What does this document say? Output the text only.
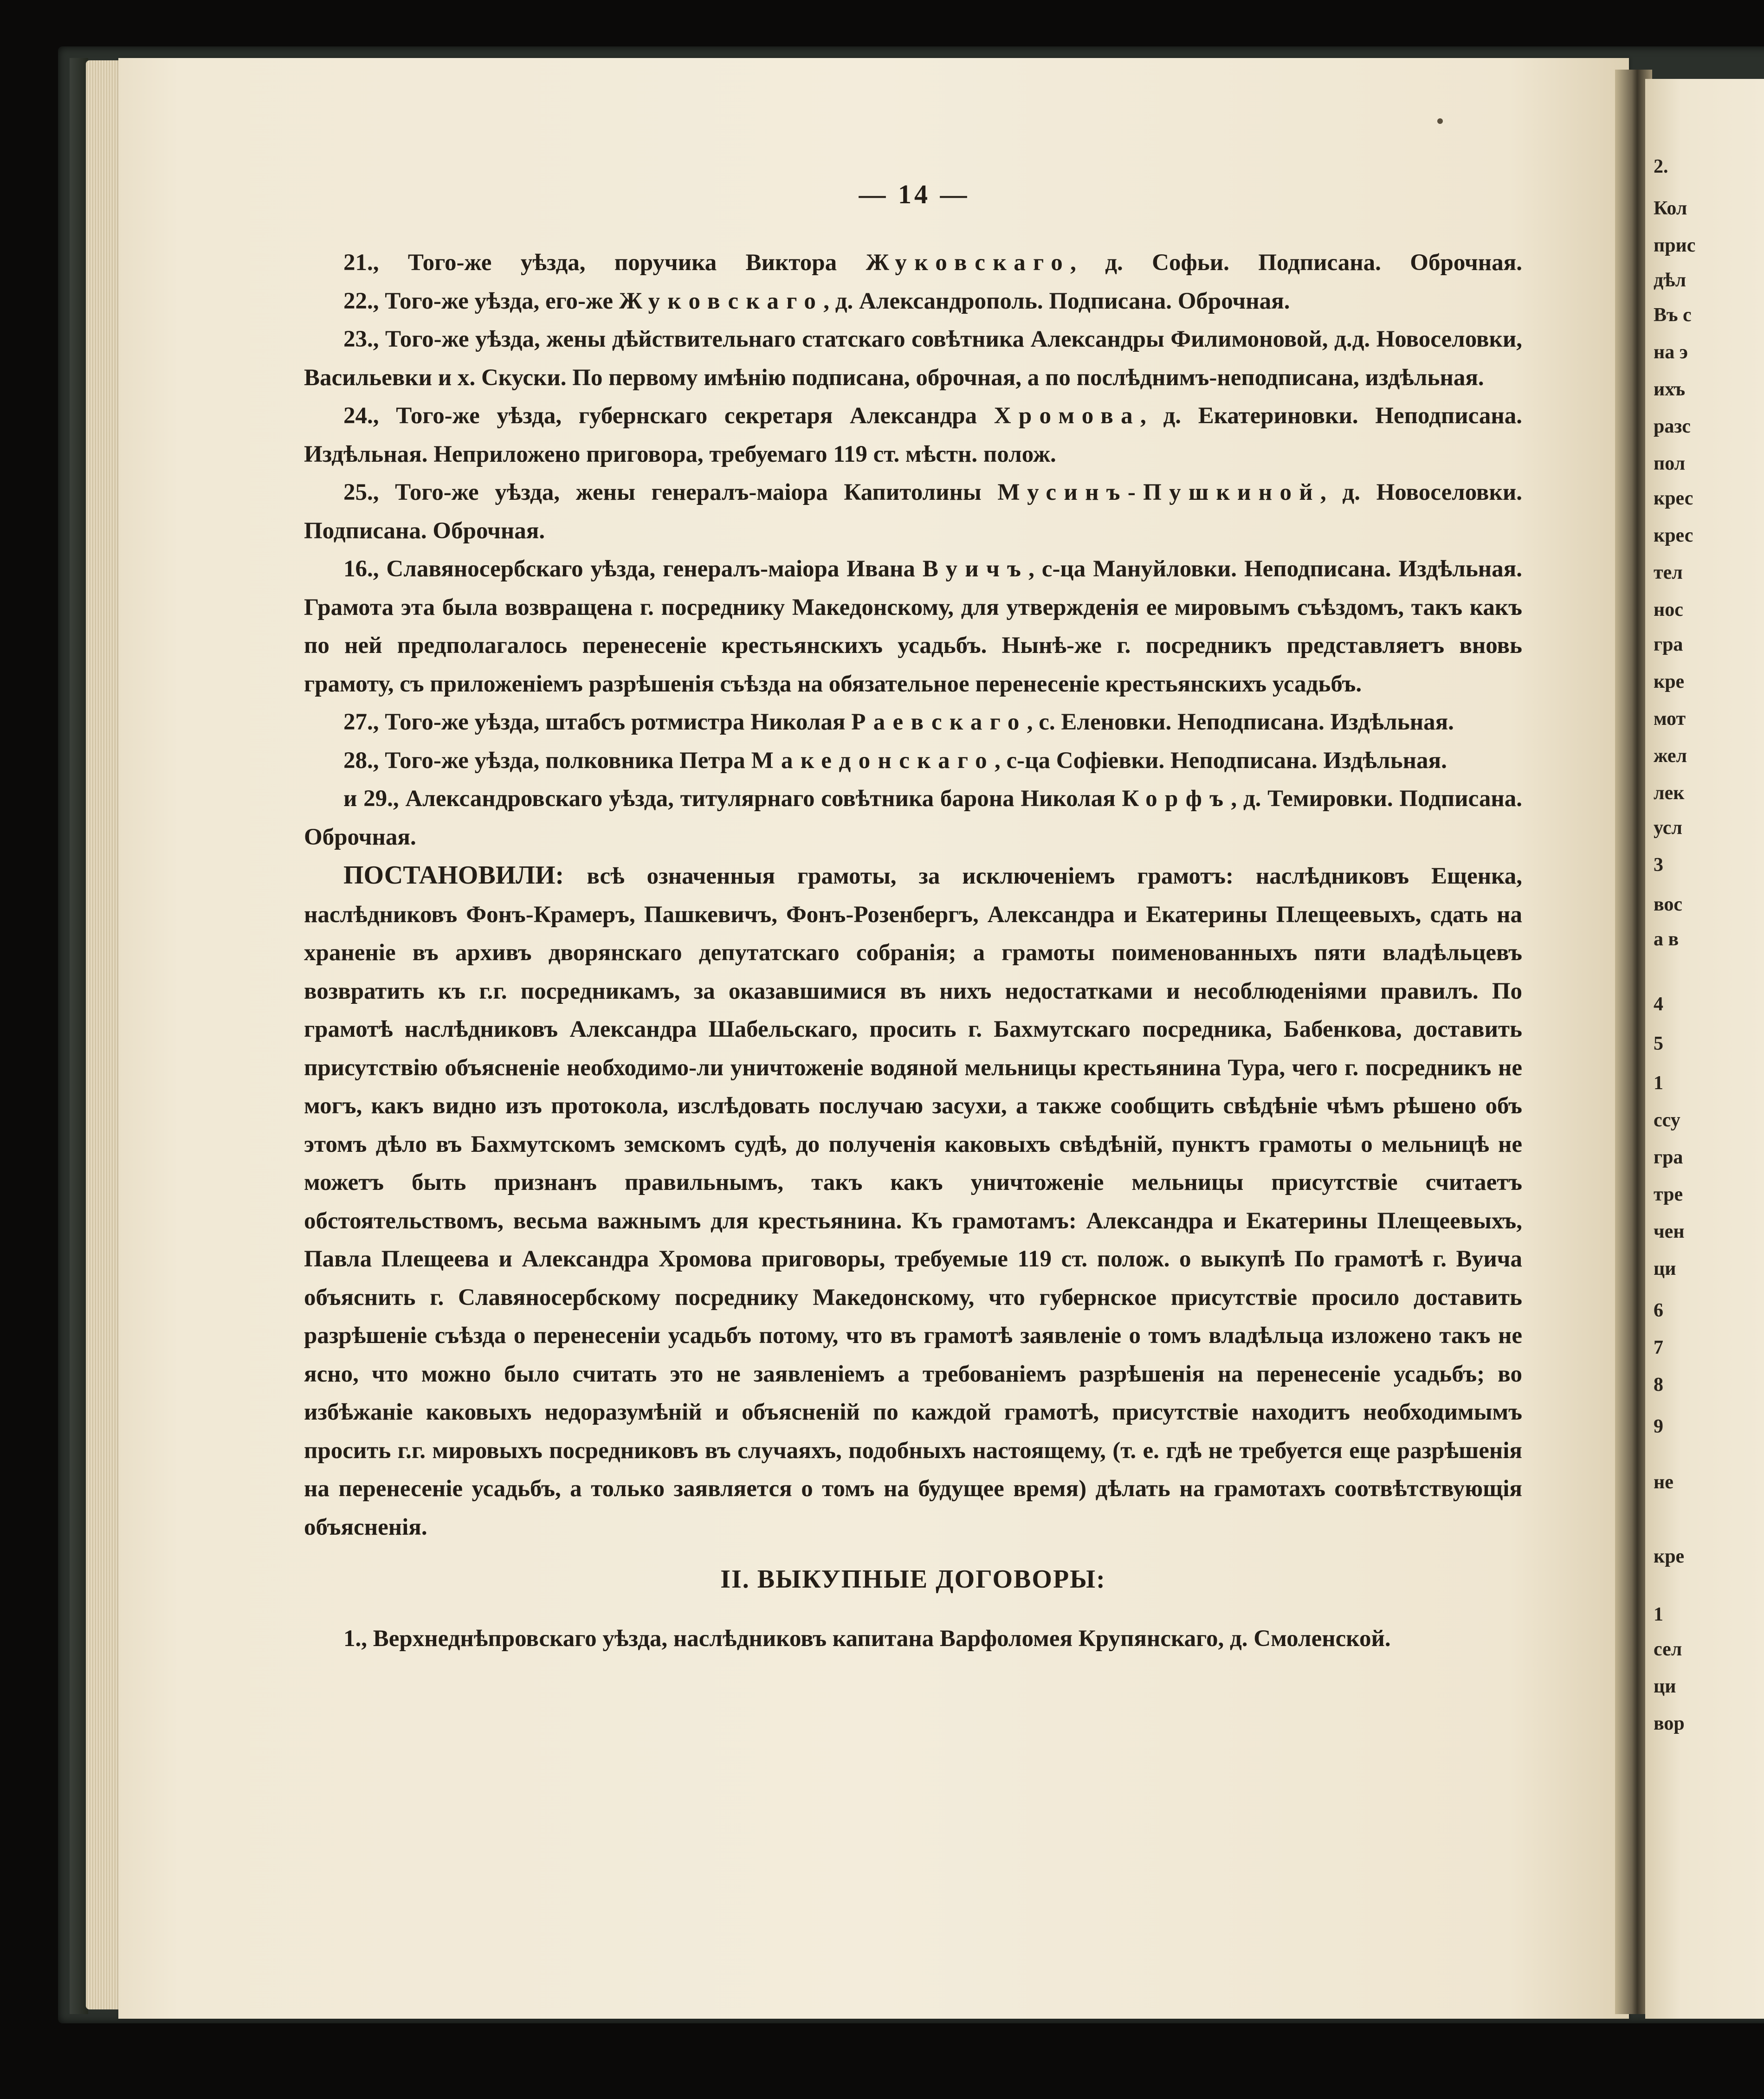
2.
Кол
прис
дѣл
Въ с
на э
ихъ
разс
пол
крес
крес
тел
нос
гра
кре
мот
жел
лек
усл
3
вос
а в
4
5
1
ссу
гра
тре
чен
ци
6
7
8
9
не
кре
1
сел
ци
вор
— 14 —

21., Того-же уѣзда, поручика Виктора Жуковскаго, д. Софьи. Подписана. Оброчная.

22., Того-же уѣзда, его-же Жуковскаго, д. Александрополь. Подписана. Оброчная.

23., Того-же уѣзда, жены дѣйствительнаго статскаго совѣтника Александры Филимоновой, д.д. Новоселовки, Васильевки и х. Скуски. По первому имѣнію подписана, оброчная, а по послѣднимъ-неподписана, издѣльная.

24., Того-же уѣзда, губернскаго секретаря Александра Хромова, д. Екатериновки. Неподписана. Издѣльная. Неприложено приговора, требуемаго 119 ст. мѣстн. полож.

25., Того-же уѣзда, жены генералъ-маіора Капитолины Мусинъ-Пушкиной, д. Новоселовки. Подписана. Оброчная.

16., Славяносербскаго уѣзда, генералъ-маіора Ивана Вуичъ, с-ца Мануйловки. Неподписана. Издѣльная. Грамота эта была возвращена г. посреднику Македонскому, для утвержденія ее мировымъ съѣздомъ, такъ какъ по ней предполагалось перенесеніе крестьянскихъ усадьбъ. Нынѣ-же г. посредникъ представляетъ вновь грамоту, съ приложеніемъ разрѣшенія съѣзда на обязательное перенесеніе крестьянскихъ усадьбъ.

27., Того-же уѣзда, штабсъ ротмистра Николая Раевскаго, с. Еленовки. Неподписана. Издѣльная.

28., Того-же уѣзда, полковника Петра Македонскаго, с-ца Софіевки. Неподписана. Издѣльная.

и 29., Александровскаго уѣзда, титулярнаго совѣтника барона Николая Корфъ, д. Темировки. Подписана. Оброчная.

ПОСТАНОВИЛИ: всѣ означенныя грамоты, за исключеніемъ грамотъ: наслѣдниковъ Ещенка, наслѣдниковъ Фонъ-Крамеръ, Пашкевичъ, Фонъ-Розенбергъ, Александра и Екатерины Плещеевыхъ, сдать на храненіе въ архивъ дворянскаго депутатскаго собранія; а грамоты поименованныхъ пяти владѣльцевъ возвратить къ г.г. посредникамъ, за оказавшимися въ нихъ недостатками и несоблюденіями правилъ. По грамотѣ наслѣдниковъ Александра Шабельскаго, просить г. Бахмутскаго посредника, Бабенкова, доставить присутствію объясненіе необходимо-ли уничтоженіе водяной мельницы крестьянина Тура, чего г. посредникъ не могъ, какъ видно изъ протокола, изслѣдовать послучаю засухи, а также сообщить свѣдѣніе чѣмъ рѣшено объ этомъ дѣло въ Бахмутскомъ земскомъ судѣ, до полученія каковыхъ свѣдѣній, пунктъ грамоты о мельницѣ не можетъ быть признанъ правильнымъ, такъ какъ уничтоженіе мельницы присутствіе считаетъ обстоятельствомъ, весьма важнымъ для крестьянина. Къ грамотамъ: Александра и Екатерины Плещеевыхъ, Павла Плещеева и Александра Хромова приговоры, требуемые 119 ст. полож. о выкупѣ По грамотѣ г. Вуича объяснить г. Славяносербскому посреднику Македонскому, что губернское присутствіе просило доставить разрѣшеніе съѣзда о перенесеніи усадьбъ потому, что въ грамотѣ заявленіе о томъ владѣльца изложено такъ не ясно, что можно было считать это не заявленіемъ а требованіемъ разрѣшенія на перенесеніе усадьбъ; во избѣжаніе каковыхъ недоразумѣній и объясненій по каждой грамотѣ, присутствіе находитъ необходимымъ просить г.г. мировыхъ посредниковъ въ случаяхъ, подобныхъ настоящему, (т. е. гдѣ не требуется еще разрѣшенія на перенесеніе усадьбъ, а только заявляется о томъ на будущее время) дѣлать на грамотахъ соотвѣтствующія объясненія.

II. ВЫКУПНЫЕ ДОГОВОРЫ:

1., Верхнеднѣпровскаго уѣзда, наслѣдниковъ капитана Варфоломея Крупянскаго, д. Смоленской.
